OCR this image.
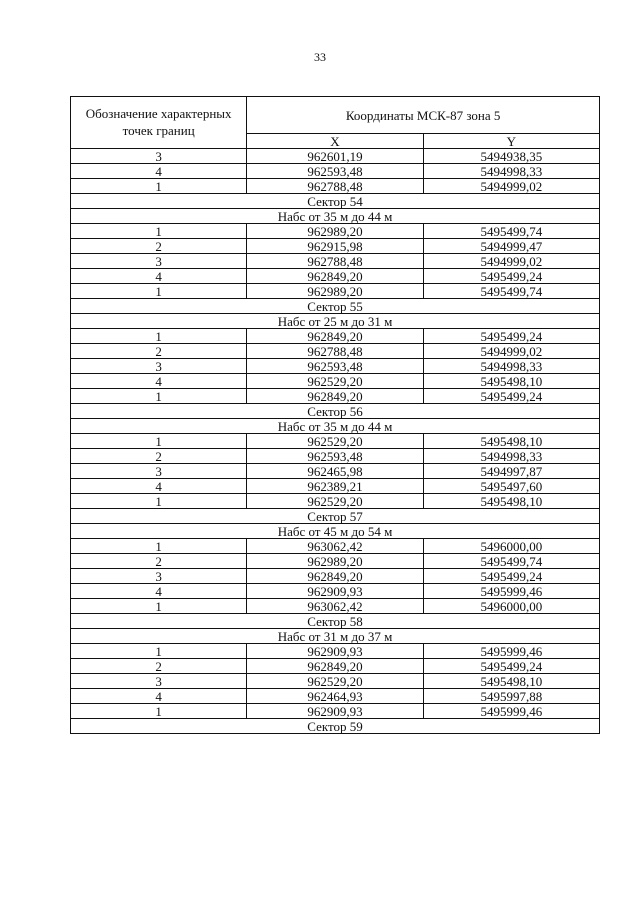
33
Обозначение характерных точек границ	Координаты МСК-87 зона 5	
	X	Y
3	962601,19	5494938,35
4	962593,48	5494998,33
1	962788,48	5494999,02
Сектор 54		
Набс от 35 м до 44 м		
1	962989,20	5495499,74
2	962915,98	5494999,47
3	962788,48	5494999,02
4	962849,20	5495499,24
1	962989,20	5495499,74
Сектор 55		
Набс от 25 м до 31 м		
1	962849,20	5495499,24
2	962788,48	5494999,02
3	962593,48	5494998,33
4	962529,20	5495498,10
1	962849,20	5495499,24
Сектор 56		
Набс от 35 м до 44 м		
1	962529,20	5495498,10
2	962593,48	5494998,33
3	962465,98	5494997,87
4	962389,21	5495497,60
1	962529,20	5495498,10
Сектор 57		
Набс от 45 м до 54 м		
1	963062,42	5496000,00
2	962989,20	5495499,74
3	962849,20	5495499,24
4	962909,93	5495999,46
1	963062,42	5496000,00
Сектор 58		
Набс от 31 м до 37 м		
1	962909,93	5495999,46
2	962849,20	5495499,24
3	962529,20	5495498,10
4	962464,93	5495997,88
1	962909,93	5495999,46
Сектор 59		
